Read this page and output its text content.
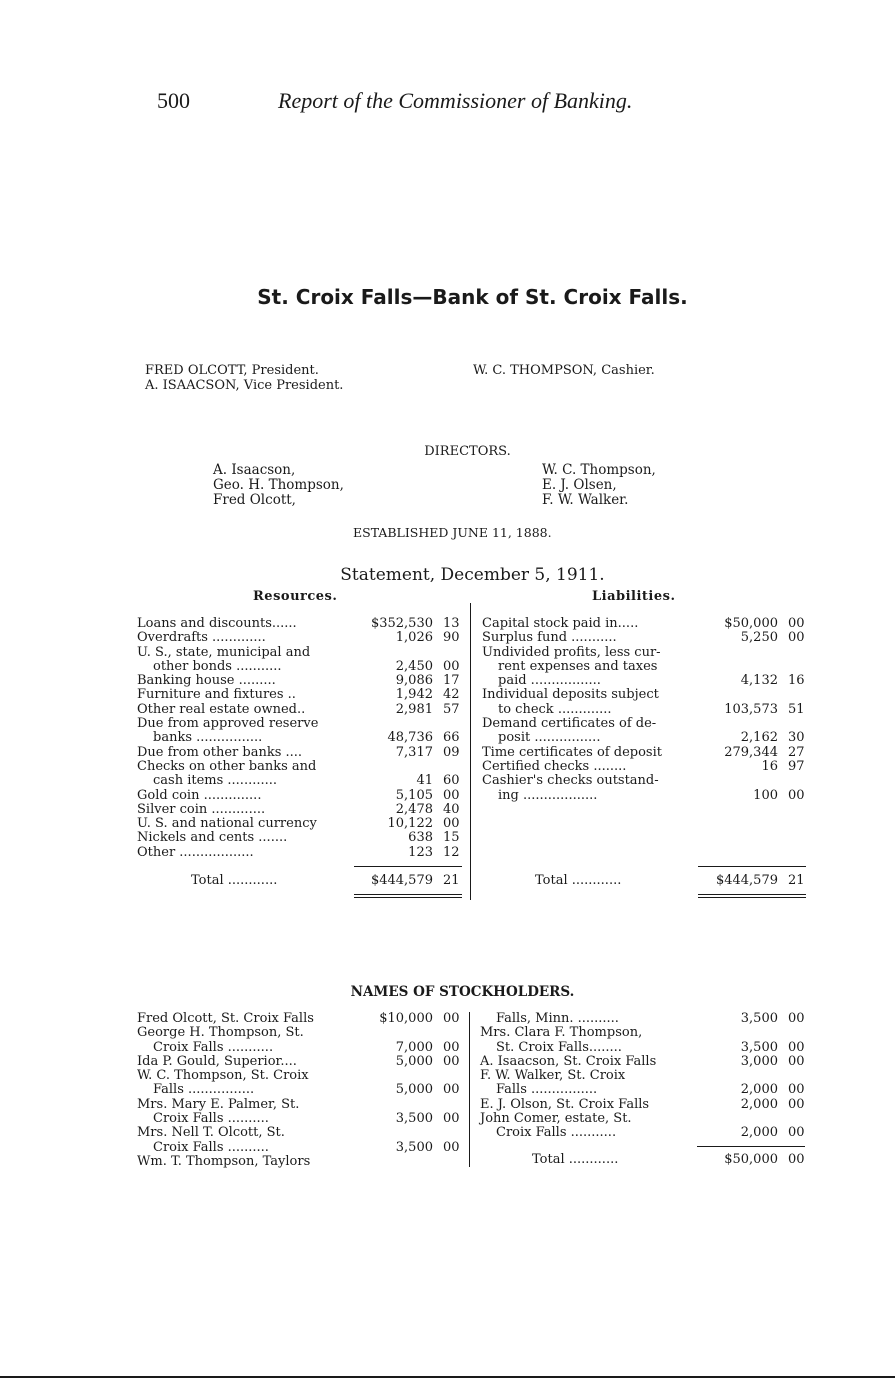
500	Report of the Commissioner of Banking.
St. Croix Falls—Bank of St. Croix Falls.
FRED OLCOTT, President.
A. ISAACSON, Vice President.
W. C. THOMPSON, Cashier.
DIRECTORS.
A. Isaacson,
Geo. H. Thompson,
Fred Olcott,
W. C. Thompson,
E. J. Olsen,
F. W. Walker.
ESTABLISHED JUNE 11, 1888.
Statement, December 5, 1911.
Resources.	Liabilities.
Loans and discounts......	$352,530 13
Overdrafts .............	1,026 90
U. S., state, municipal and
other bonds ...........	2,450 00
Banking house .........	9,086 17
Furniture and fixtures ..	1,942 42
Other real estate owned..	2,981 57
Due from approved reserve
banks ................	48,736 66
Due from other banks ....	7,317 09
Checks on other banks and
cash items ............	41 60
Gold coin ..............	5,105 00
Silver coin .............	2,478 40
U. S. and national currency	10,122 00
Nickels and cents .......	638 15
Other ..................	123 12
Capital stock paid in.....	$50,000 00
Surplus fund ...........	5,250 00
Undivided profits, less cur-
rent expenses and taxes
paid .................	4,132 16
Individual deposits subject
to check .............	103,573 51
Demand certificates of de-
posit ................	2,162 30
Time certificates of deposit	279,344 27
Certified checks ........	16 97
Cashier's checks outstand-
ing ..................	100 00
Total ............	$444,579 21	Total ............	$444,579 21
NAMES OF STOCKHOLDERS.
Fred Olcott, St. Croix Falls	$10,000 00
George H. Thompson, St.
Croix Falls ...........	7,000 00
Ida P. Gould, Superior....	5,000 00
W. C. Thompson, St. Croix
Falls ................	5,000 00
Mrs. Mary E. Palmer, St.
Croix Falls ..........	3,500 00
Mrs. Nell T. Olcott, St.
Croix Falls ..........	3,500 00
Wm. T. Thompson, Taylors
Falls, Minn. ..........	3,500 00
Mrs. Clara F. Thompson,
St. Croix Falls........	3,500 00
A. Isaacson, St. Croix Falls	3,000 00
F. W. Walker, St. Croix
Falls ................	2,000 00
E. J. Olson, St. Croix Falls	2,000 00
John Comer, estate, St.
Croix Falls ...........	2,000 00
Total ............	$50,000 00
